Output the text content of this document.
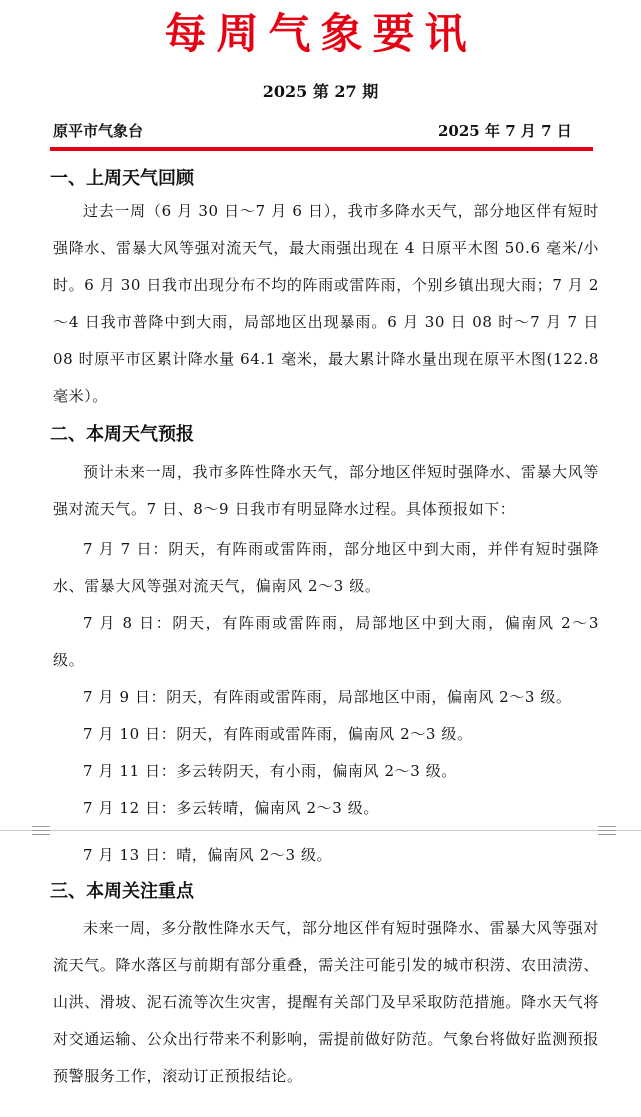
每周气象要讯
2025 第 27 期
原平市气象台	2025 年 7 月 7 日
一、上周天气回顾
过去一周（6 月 30 日～7 月 6 日），我市多降水天气，部分地区伴有短时强降水、雷暴大风等强对流天气，最大雨强出现在 4 日原平木图 50.6 毫米/小时。6 月 30 日我市出现分布不均的阵雨或雷阵雨，个别乡镇出现大雨；7 月 2～4 日我市普降中到大雨，局部地区出现暴雨。6 月 30 日 08 时～7 月 7 日 08 时原平市区累计降水量 64.1 毫米，最大累计降水量出现在原平木图(122.8 毫米）。
二、本周天气预报
预计未来一周，我市多阵性降水天气，部分地区伴短时强降水、雷暴大风等强对流天气。7 日、8～9 日我市有明显降水过程。具体预报如下：
7 月 7 日：阴天，有阵雨或雷阵雨，部分地区中到大雨，并伴有短时强降水、雷暴大风等强对流天气，偏南风 2～3 级。
7 月 8 日：阴天，有阵雨或雷阵雨，局部地区中到大雨，偏南风 2～3 级。
7 月 9 日：阴天，有阵雨或雷阵雨，局部地区中雨，偏南风 2～3 级。
7 月 10 日：阴天，有阵雨或雷阵雨，偏南风 2～3 级。
7 月 11 日：多云转阴天，有小雨，偏南风 2～3 级。
7 月 12 日：多云转晴，偏南风 2～3 级。
7 月 13 日：晴，偏南风 2～3 级。
三、本周关注重点
未来一周，多分散性降水天气，部分地区伴有短时强降水、雷暴大风等强对流天气。降水落区与前期有部分重叠，需关注可能引发的城市积涝、农田渍涝、山洪、滑坡、泥石流等次生灾害，提醒有关部门及早采取防范措施。降水天气将对交通运输、公众出行带来不利影响，需提前做好防范。气象台将做好监测预报预警服务工作，滚动订正预报结论。
